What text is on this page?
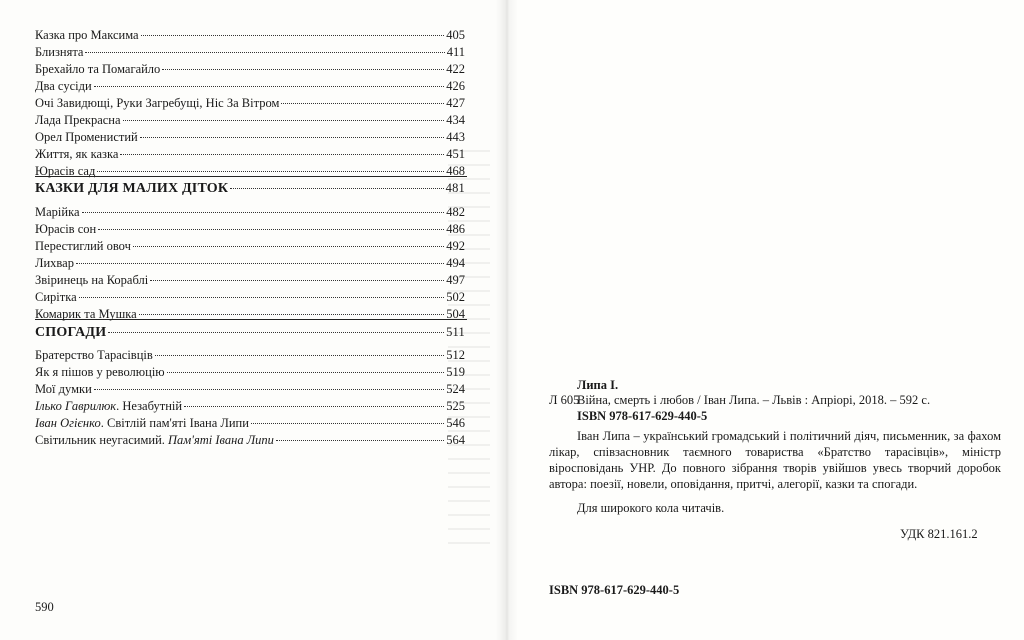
Казка про Максима	405
Близнята	411
Брехайло та Помагайло	422
Два сусіди	426
Очі Завидющі, Руки Загребущі, Ніс За Вітром	427
Лада Прекрасна	434
Орел Променистий	443
Життя, як казка	451
Юрасів сад	468
КАЗКИ ДЛЯ МАЛИХ ДІТОК	481
Марійка	482
Юрасів сон	486
Перестиглий овоч	492
Лихвар	494
Звіринець на Кораблі	497
Сирітка	502
Комарик та Мушка	504
СПОГАДИ	511
Братерство Тарасівців	512
Як я пішов у революцію	519
Мої думки	524
Ілько Гаврилюк. Незабутній	525
Іван Огієнко. Світлій пам'яті Івана Липи	546
Світильник неугасимий. Пам'яті Івана Липи	564
590
Липа І.
Л 605
Війна, смерть і любов / Іван Липа. – Львів : Апріорі, 2018. – 592 с.
ISBN 978-617-629-440-5

Іван Липа – український громадський і політичний діяч, письменник, за фахом лікар, співзасновник таємного товариства «Братство тарасівців», міністр віросповідань УНР. До повного зібрання творів увійшов увесь творчий доробок автора: поезії, новели, оповідання, притчі, алегорії, казки та спогади.

Для широкого кола читачів.
УДК 821.161.2
ISBN 978-617-629-440-5
